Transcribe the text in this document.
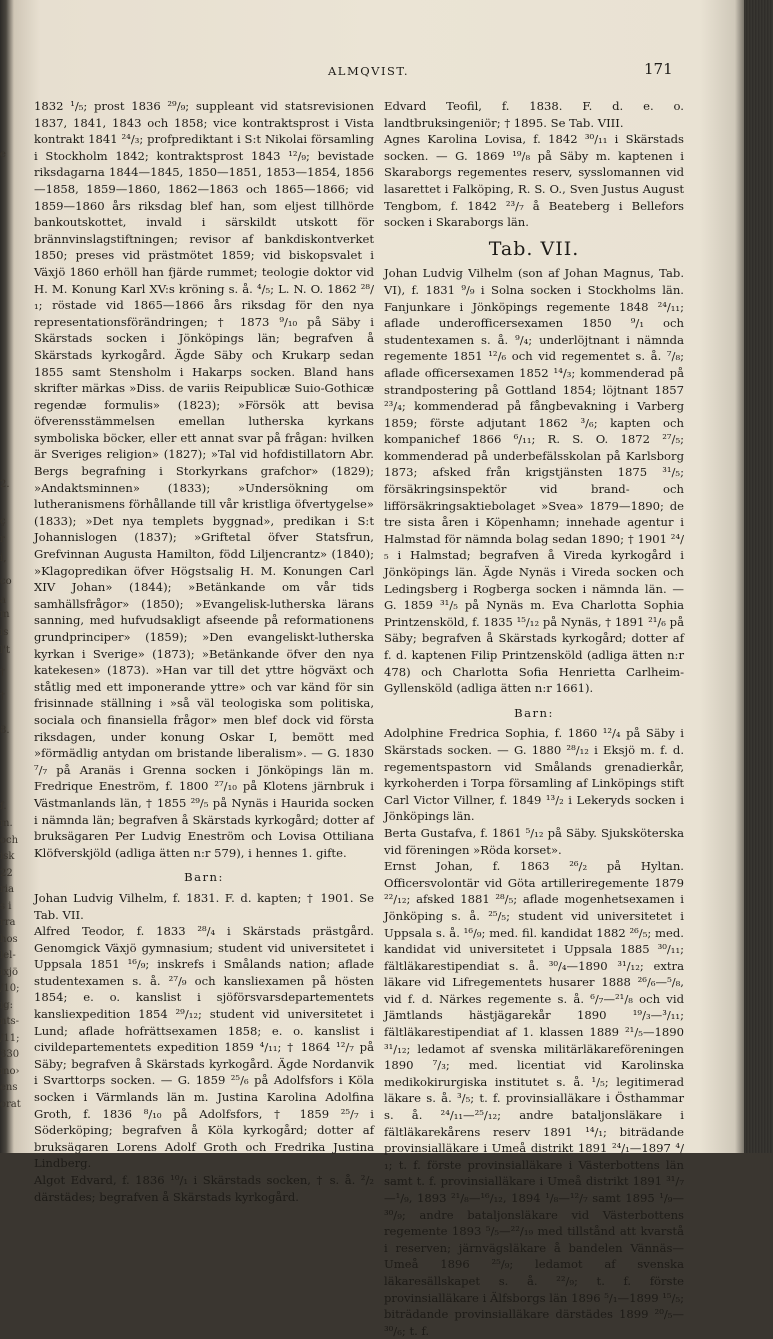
e
2.
ç
r
i,
co
a
m
is
l't
†
†
8.
f.
m.
och
isk
22
ria
s i
rra
hos
lel-
ixjö
/10;
ig:
nts-
/11;
330
mo›
ens
orat
ALMQVIST.	171

1832 ¹/₅; prost 1836 ²⁹/₉; suppleant vid statsrevisionen 1837, 1841, 1843 och 1858; vice kontraktsprost i Vista kontrakt 1841 ²⁴/₃; profprediktant i S:t Nikolai församling i Stockholm 1842; kontraktsprost 1843 ¹²/₉; bevistade riksdagarna 1844—1845, 1850—1851, 1853—1854, 1856—1858, 1859—1860, 1862—1863 och 1865—1866; vid 1859—1860 års riksdag blef han, som eljest tillhörde bankoutskottet, invald i särskildt utskott för brännvinslagstiftningen; revisor af bankdiskontverket 1850; preses vid prästmötet 1859; vid biskopsvalet i Växjö 1860 erhöll han fjärde rummet; teologie doktor vid H. M. Konung Karl XV:s kröning s. å. ⁴/₅; L. N. O. 1862 ²⁸/₁; röstade vid 1865—1866 års riksdag för den nya representationsförändringen; † 1873 ⁹/₁₀ på Säby i Skärstads socken i Jönköpings län; begrafven å Skärstads kyrkogård. Ägde Säby och Krukarp sedan 1855 samt Stensholm i Hakarps socken. Bland hans skrifter märkas »Diss. de variis Reipublicæ Suio-Gothicæ regendæ formulis» (1823); »Försök att bevisa öfverensstämmelsen emellan lutherska kyrkans symboliska böcker, eller ett annat svar på frågan: hvilken är Sveriges religion» (1827); »Tal vid hofdistillatorn Abr. Bergs begrafning i Storkyrkans grafchor» (1829); »Andaktsminnen» (1833); »Undersökning om lutheranismens förhållande till vår kristliga öfvertygelse» (1833); »Det nya templets byggnad», predikan i S:t Johannislogen (1837); »Griftetal öfver Statsfrun, Grefvinnan Augusta Hamilton, född Liljencrantz» (1840); »Klagopredikan öfver Högstsalig H. M. Konungen Carl XIV Johan» (1844); »Betänkande om vår tids samhällsfrågor» (1850); »Evangelisk-lutherska lärans sanning, med hufvudsakligt afseende på reformationens grundprinciper» (1859); »Den evangeliskt-lutherska kyrkan i Sverige» (1873); »Betänkande öfver den nya katekesen» (1873). »Han var till det yttre högväxt och ståtlig med ett imponerande yttre» och var känd för sin frisinnade ställning i »så väl teologiska som politiska, sociala och finansiella frågor» men blef dock vid första riksdagen, under konung Oskar I, bemött med »förmädlig antydan om bristande liberalism». — G. 1830 ⁷/₇ på Aranäs i Grenna socken i Jönköpings län m. Fredrique Eneström, f. 1800 ²⁷/₁₀ på Klotens järnbruk i Västmanlands län, † 1855 ²⁹/₅ på Nynäs i Haurida socken i nämnda län; begrafven å Skärstads kyrkogård; dotter af bruksägaren Per Ludvig Eneström och Lovisa Ottiliana Klöfverskjöld (adliga ätten n:r 579), i hennes 1. gifte.

Barn:

Johan Ludvig Vilhelm, f. 1831. F. d. kapten; † 1901. Se Tab. VII.

Alfred Teodor, f. 1833 ²⁸/₄ i Skärstads prästgård. Genomgick Växjö gymnasium; student vid universitetet i Uppsala 1851 ¹⁶/₉; inskrefs i Smålands nation; aflade studentexamen s. å. ²⁷/₉ och kansliexamen på hösten 1854; e. o. kanslist i sjöförsvarsdepartementets kansliexpedition 1854 ²⁹/₁₂; student vid universitetet i Lund; aflade hofrättsexamen 1858; e. o. kanslist i civildepartementets expedition 1859 ⁴/₁₁; † 1864 ¹²/₇ på Säby; begrafven å Skärstads kyrkogård. Ägde Nordanvik i Svarttorps socken. — G. 1859 ²⁵/₆ på Adolfsfors i Köla socken i Värmlands län m. Justina Karolina Adolfina Groth, f. 1836 ⁸/₁₀ på Adolfsfors, † 1859 ²⁵/₇ i Söderköping; begrafven å Köla kyrkogård; dotter af bruksägaren Lorens Adolf Groth och Fredrika Justina Lindberg.

Algot Edvard, f. 1836 ¹⁰/₁ i Skärstads socken, † s. å. ²/₂ därstädes; begrafven å Skärstads kyrkogård.

Edvard Teofil, f. 1838. F. d. e. o. landtbruksingeniör; † 1895. Se Tab. VIII.

Agnes Karolina Lovisa, f. 1842 ³⁰/₁₁ i Skärstads socken. — G. 1869 ¹⁹/₈ på Säby m. kaptenen i Skaraborgs regementes reserv, sysslomannen vid lasarettet i Falköping, R. S. O., Sven Justus August Tengbom, f. 1842 ²³/₇ å Beateberg i Bellefors socken i Skaraborgs län.

Tab. VII.

Johan Ludvig Vilhelm (son af Johan Magnus, Tab. VI), f. 1831 ⁹/₉ i Solna socken i Stockholms län. Fanjunkare i Jönköpings regemente 1848 ²⁴/₁₁; aflade underofficersexamen 1850 ⁹/₁ och studentexamen s. å. ⁹/₄; underlöjtnant i nämnda regemente 1851 ¹²/₆ och vid regementet s. å. ⁷/₈; aflade officersexamen 1852 ¹⁴/₃; kommenderad på strandpostering på Gottland 1854; löjtnant 1857 ²³/₄; kommenderad på fångbevakning i Varberg 1859; förste adjutant 1862 ³/₆; kapten och kompanichef 1866 ⁶/₁₁; R. S. O. 1872 ²⁷/₅; kommenderad på underbefälsskolan på Karlsborg 1873; afsked från krigstjänsten 1875 ³¹/₅; försäkringsinspektör vid brand- och lifförsäkringsaktiebolaget »Svea» 1879—1890; de tre sista åren i Köpenhamn; innehade agentur i Halmstad för nämnda bolag sedan 1890; † 1901 ²⁴/₅ i Halmstad; begrafven å Vireda kyrkogård i Jönköpings län. Ägde Nynäs i Vireda socken och Ledingsberg i Rogberga socken i nämnda län. — G. 1859 ³¹/₅ på Nynäs m. Eva Charlotta Sophia Printzensköld, f. 1835 ¹⁵/₁₂ på Nynäs, † 1891 ²¹/₆ på Säby; begrafven å Skärstads kyrkogård; dotter af f. d. kaptenen Filip Printzensköld (adliga ätten n:r 478) och Charlotta Sofia Henrietta Carlheim-Gyllensköld (adliga ätten n:r 1661).

Barn:

Adolphine Fredrica Sophia, f. 1860 ¹²/₄ på Säby i Skärstads socken. — G. 1880 ²⁸/₁₂ i Eksjö m. f. d. regementspastorn vid Smålands grenadierkår, kyrkoherden i Torpa församling af Linköpings stift Carl Victor Villner, f. 1849 ¹³/₂ i Lekeryds socken i Jönköpings län.

Berta Gustafva, f. 1861 ⁵/₁₂ på Säby. Sjuksköterska vid föreningen »Röda korset».

Ernst Johan, f. 1863 ²⁶/₂ på Hyltan. Officersvolontär vid Göta artilleriregemente 1879 ²²/₁₂; afsked 1881 ²⁸/₅; aflade mogenhetsexamen i Jönköping s. å. ²⁵/₅; student vid universitetet i Uppsala s. å. ¹⁶/₉; med. fil. kandidat 1882 ²⁶/₅; med. kandidat vid universitetet i Uppsala 1885 ³⁰/₁₁; fältläkarestipendiat s. å. ³⁰/₄—1890 ³¹/₁₂; extra läkare vid Lifregementets husarer 1888 ²⁶/₆—⁵/₈, vid f. d. Närkes regemente s. å. ⁶/₇—²¹/₈ och vid Jämtlands hästjägarekår 1890 ¹⁹/₃—³/₁₁; fältläkarestipendiat af 1. klassen 1889 ²¹/₅—1890 ³¹/₁₂; ledamot af svenska militärläkareföreningen 1890 ⁷/₃; med. licentiat vid Karolinska medikokirurgiska institutet s. å. ¹/₅; legitimerad läkare s. å. ³/₅; t. f. provinsialläkare i Östhammar s. å. ²⁴/₁₁—²⁵/₁₂; andre bataljonsläkare i fältläkarekårens reserv 1891 ¹⁴/₁; biträdande provinsialläkare i Umeå distrikt 1891 ²⁴/₁—1897 ⁴/₁; t. f. förste provinsialläkare i Västerbottens län samt t. f. provinsialläkare i Umeå distrikt 1891 ³¹/₇—¹/₉, 1893 ²¹/₈—¹⁶/₁₂, 1894 ¹/₈—¹²/₇ samt 1895 ¹/₉—³⁰/₉; andre bataljonsläkare vid Västerbottens regemente 1893 ⁵/₅—²²/₁₉ med tillstånd att kvarstå i reserven; järnvägsläkare å bandelen Vännäs—Umeå 1896 ²⁵/₉; ledamot af svenska läkaresällskapet s. å. ²²/₉; t. f. förste provinsialläkare i Älfsborgs län 1896 ⁵/₁—1899 ¹⁵/₅; biträdande provinsialläkare därstädes 1899 ²⁰/₅—³⁰/₆; t. f.
